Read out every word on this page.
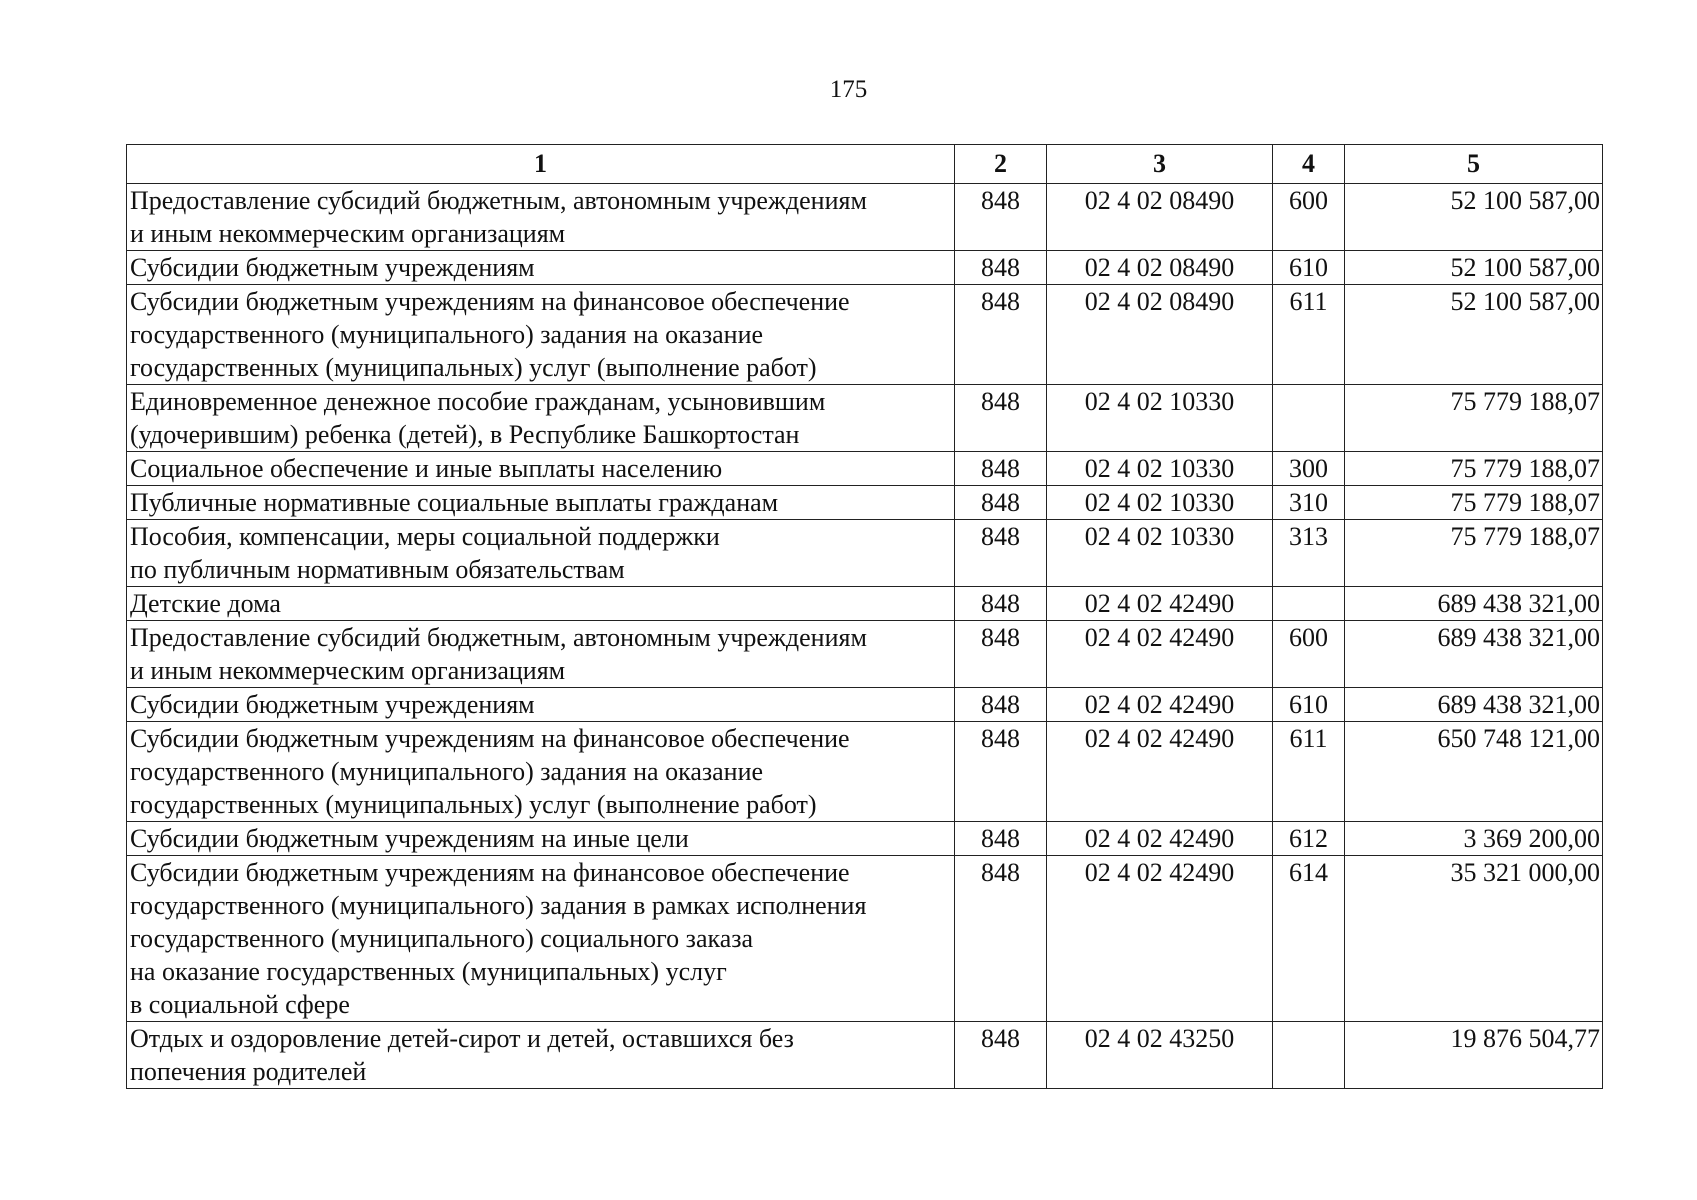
175
1	2	3	4	5
Предоставление субсидий бюджетным, автономным учреждениям
и иным некоммерческим организациям	848	02 4 02 08490	600	52 100 587,00
Субсидии бюджетным учреждениям	848	02 4 02 08490	610	52 100 587,00
Субсидии бюджетным учреждениям на финансовое обеспечение
государственного (муниципального) задания на оказание
государственных (муниципальных) услуг (выполнение работ)	848	02 4 02 08490	611	52 100 587,00
Единовременное денежное пособие гражданам, усыновившим
(удочерившим) ребенка (детей), в Республике Башкортостан	848	02 4 02 10330		75 779 188,07
Социальное обеспечение и иные выплаты населению	848	02 4 02 10330	300	75 779 188,07
Публичные нормативные социальные выплаты гражданам	848	02 4 02 10330	310	75 779 188,07
Пособия, компенсации, меры социальной поддержки
по публичным нормативным обязательствам	848	02 4 02 10330	313	75 779 188,07
Детские дома	848	02 4 02 42490		689 438 321,00
Предоставление субсидий бюджетным, автономным учреждениям
и иным некоммерческим организациям	848	02 4 02 42490	600	689 438 321,00
Субсидии бюджетным учреждениям	848	02 4 02 42490	610	689 438 321,00
Субсидии бюджетным учреждениям на финансовое обеспечение
государственного (муниципального) задания на оказание
государственных (муниципальных) услуг (выполнение работ)	848	02 4 02 42490	611	650 748 121,00
Субсидии бюджетным учреждениям на иные цели	848	02 4 02 42490	612	3 369 200,00
Субсидии бюджетным учреждениям на финансовое обеспечение
государственного (муниципального) задания в рамках исполнения
государственного (муниципального) социального заказа
на оказание государственных (муниципальных) услуг
в социальной сфере	848	02 4 02 42490	614	35 321 000,00
Отдых и оздоровление детей-сирот и детей, оставшихся без
попечения родителей	848	02 4 02 43250		19 876 504,77
